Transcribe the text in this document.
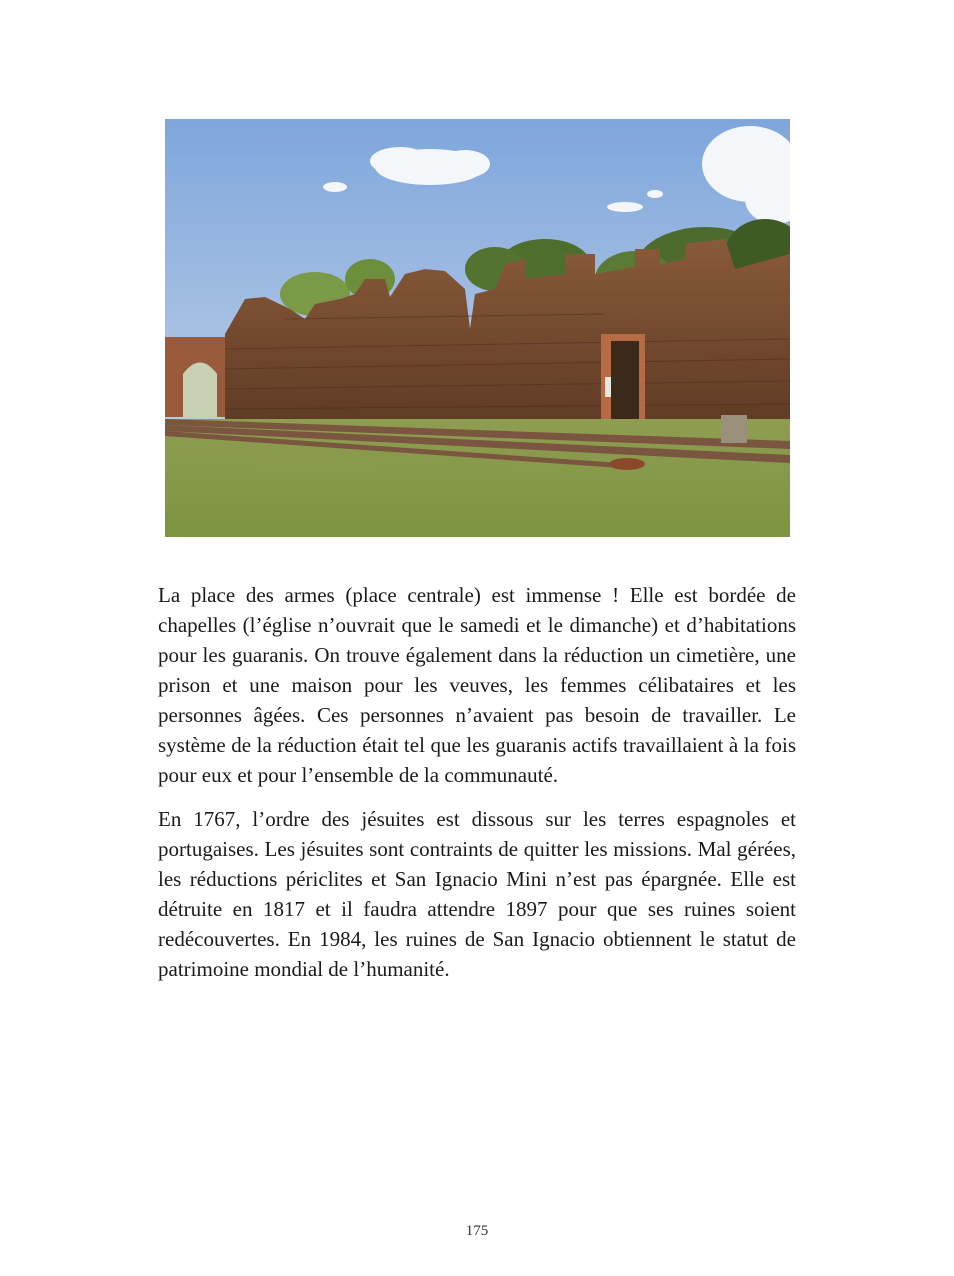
La place des armes (place centrale) est immense ! Elle est bordée de chapelles (l’église n’ouvrait que le samedi et le dimanche) et d’habitations pour les guaranis. On trouve également dans la réduction un cimetière, une prison et une maison pour les veuves, les femmes célibataires et les personnes âgées. Ces personnes n’avaient pas besoin de travailler. Le système de la réduction était tel que les guaranis actifs travaillaient à la fois pour eux et pour l’ensemble de la communauté.

En 1767, l’ordre des jésuites est dissous sur les terres espagnoles et portugaises. Les jésuites sont contraints de quitter les missions. Mal gérées, les réductions périclites et San Ignacio Mini n’est pas épargnée. Elle est détruite en 1817 et il faudra attendre 1897 pour que ses ruines soient redécouvertes. En 1984, les ruines de San Ignacio obtiennent le statut de patrimoine mondial de l’humanité.

175
